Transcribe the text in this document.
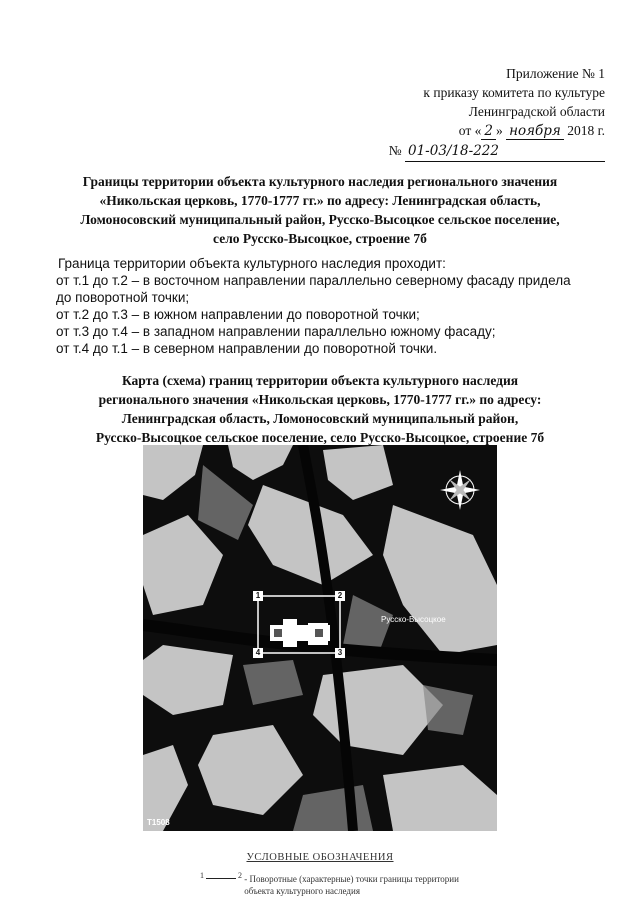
Приложение № 1
к приказу комитета по культуре
Ленинградской области
от « 2 » ноября 2018 г.
№ 01-03/18-222
Границы территории объекта культурного наследия регионального значения
«Никольская церковь, 1770-1777 гг.» по адресу: Ленинградская область,
Ломоносовский муниципальный район, Русско-Высоцкое сельское поселение,
село Русско-Высоцкое, строение 7б
Граница территории объекта культурного наследия проходит:
от т.1 до т.2 – в восточном направлении параллельно северному фасаду придела
до поворотной точки;
от т.2 до т.3 – в южном направлении до поворотной точки;
от т.3 до т.4 – в западном направлении параллельно южному фасаду;
от т.4 до т.1 – в северном направлении до поворотной точки.
Карта (схема) границ территории объекта культурного наследия
регионального значения «Никольская церковь, 1770-1777 гг.» по адресу:
Ленинградская область, Ломоносовский муниципальный район,
Русско-Высоцкое сельское поселение, село Русско-Высоцкое, строение 7б
1	2
3
4
Русско-Высоцкое
Т1508
УСЛОВНЫЕ ОБОЗНАЧЕНИЯ
1	2 - Поворотные (характерные) точки границы территории объекта культурного наследия
